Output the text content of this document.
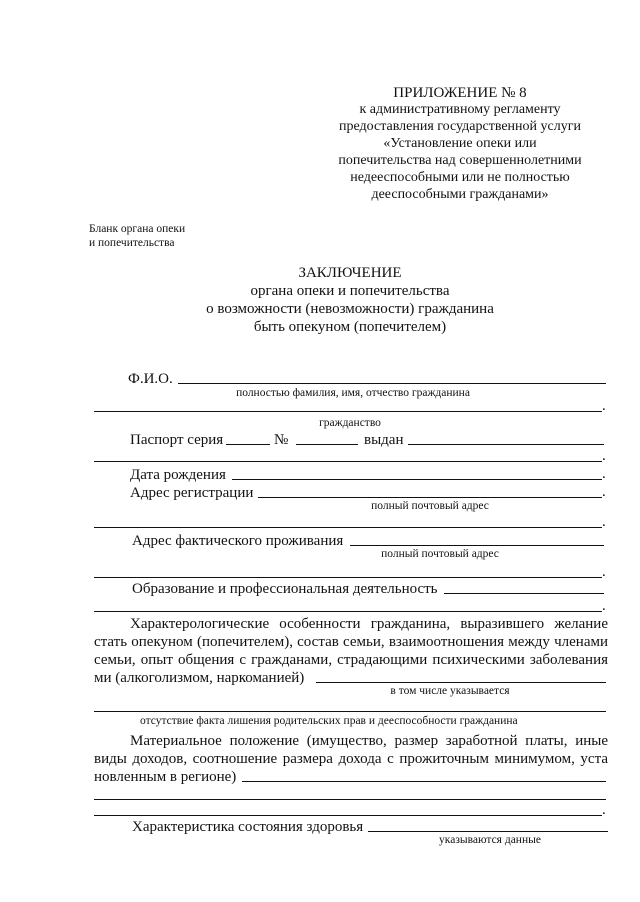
ПРИЛОЖЕНИЕ № 8
к административному регламенту
предоставления государственной услуги
«Установление опеки или
попечительства над совершеннолетними
недееспособными или не полностью
дееспособными гражданами»
Бланк органа опеки
и попечительства
ЗАКЛЮЧЕНИЕ
органа опеки и попечительства
о возможности (невозможности) гражданина
быть опекуном (попечителем)
Ф.И.О.
полностью фамилия, имя, отчество гражданина
.
гражданство
Паспорт серия	№	выдан
.
Дата рождения	.
Адрес регистрации	.
полный почтовый адрес
.
Адрес фактического проживания
полный почтовый адрес
.
Образование и профессиональная деятельность
.
Характерологические особенности гражданина, выразившего желание
стать опекуном (попечителем), состав семьи, взаимоотношения между членами
семьи, опыт общения с гражданами, страдающими психическими заболевания
ми (алкоголизмом, наркоманией)
в том числе указывается
отсутствие факта лишения родительских прав и дееспособности гражданина
Материальное положение (имущество, размер заработной платы, иные
виды доходов, соотношение размера дохода с прожиточным минимумом, уста
новленным в регионе)
.
Характеристика состояния здоровья
указываются данные
